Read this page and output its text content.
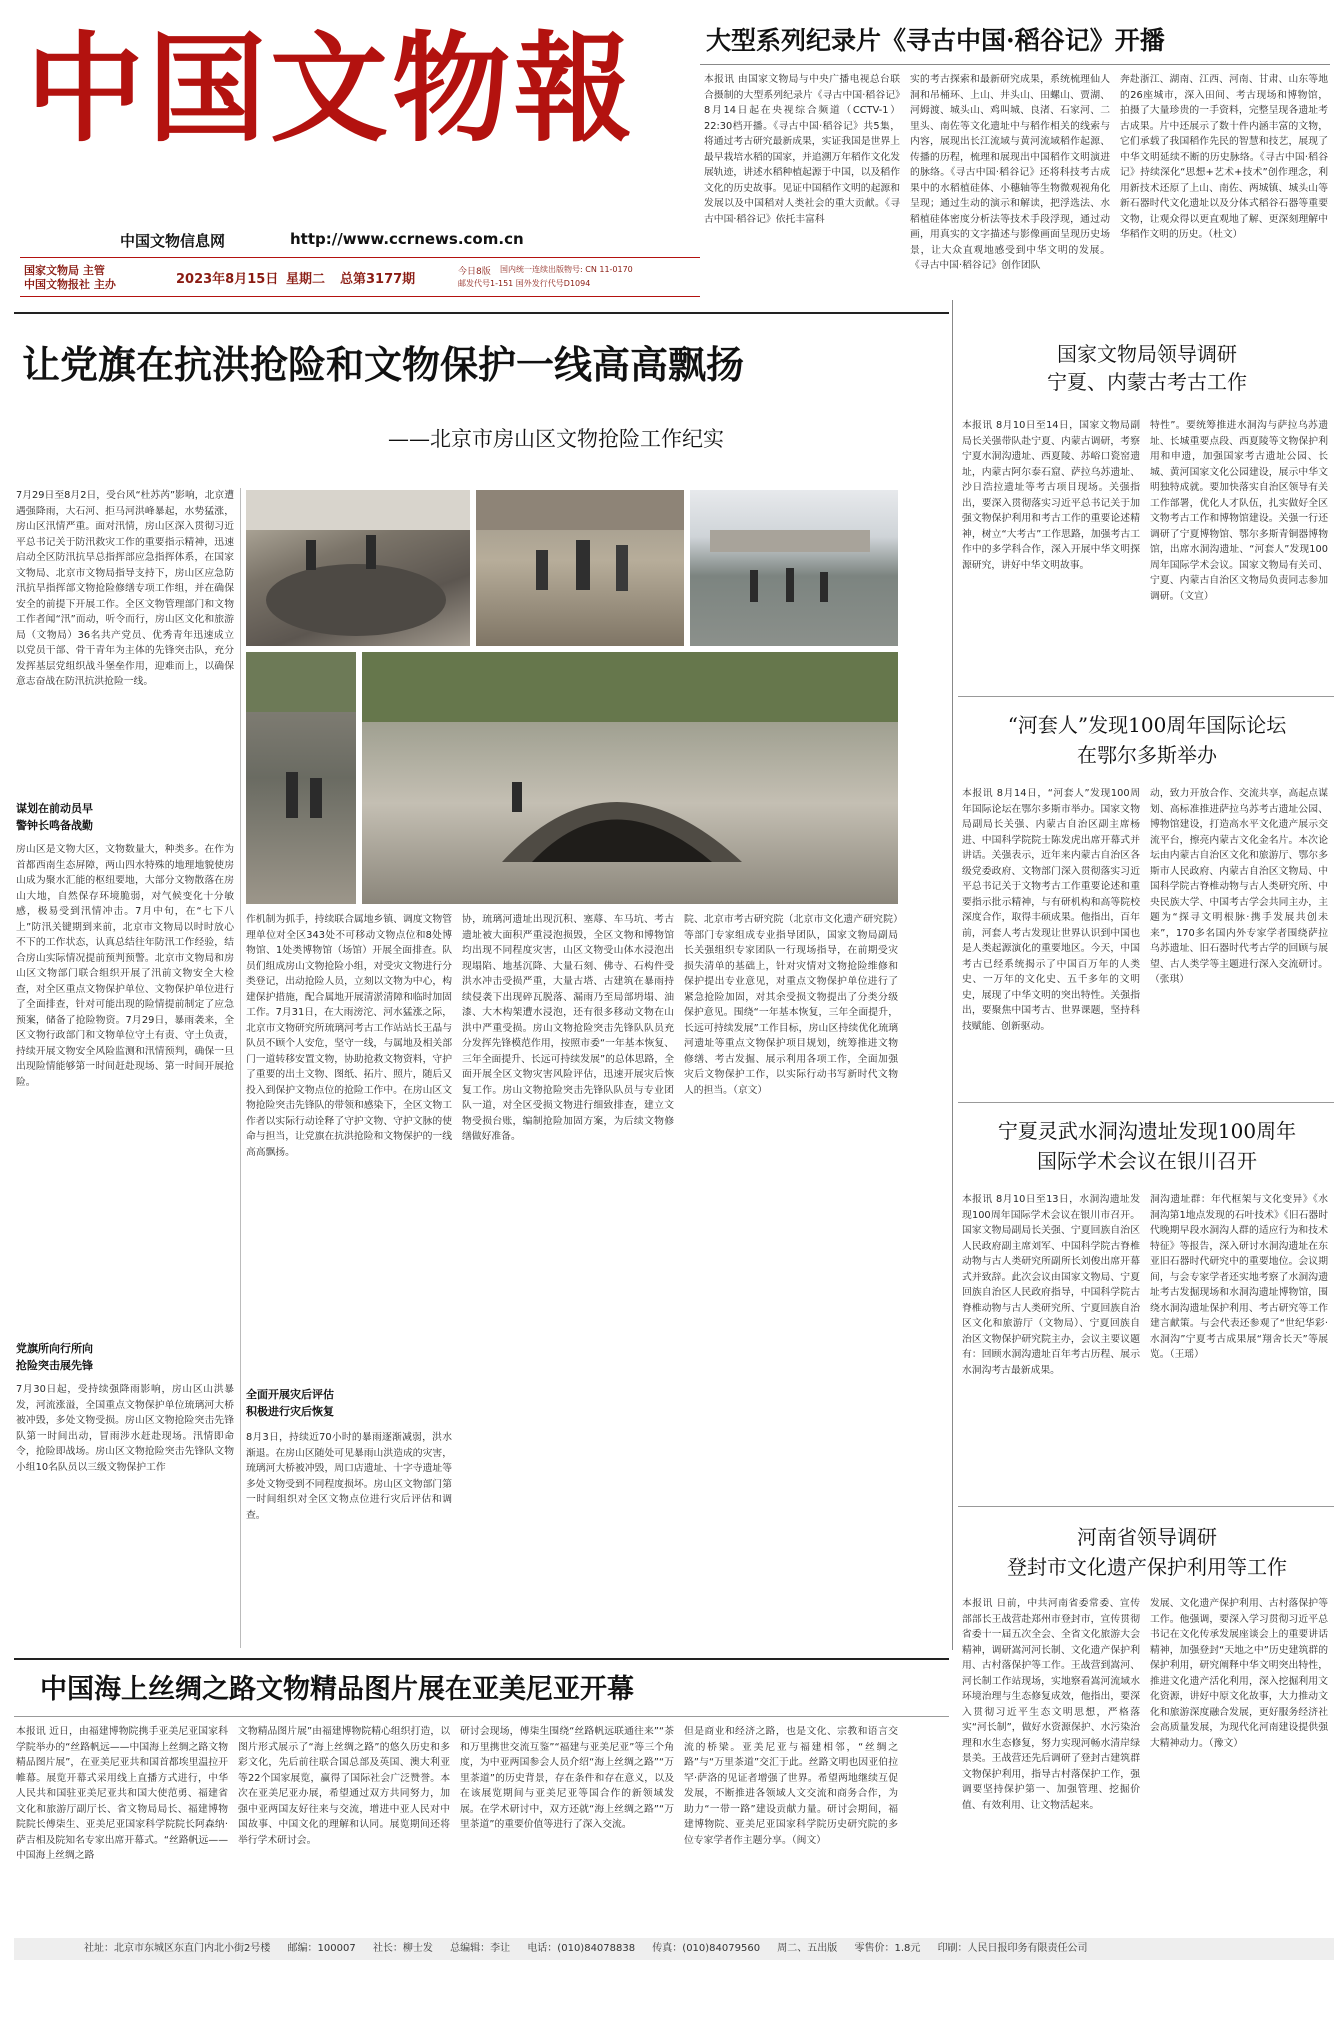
中国文物報
中国文物信息网	http://www.ccrnews.com.cn
国家文物局 主管
中国文物报社 主办	2023年8月15日 星期二 总第3177期	今日8版 国内统一连续出版物号: CN 11-0170
邮发代号1-151 国外发行代号D1094
大型系列纪录片《寻古中国·稻谷记》开播
本报讯 由国家文物局与中央广播电视总台联合摄制的大型系列纪录片《寻古中国·稻谷记》8月14日起在央视综合频道（CCTV-1）22:30档开播。《寻古中国·稻谷记》共5集，将通过考古研究最新成果，实证我国是世界上最早栽培水稻的国家，并追溯万年稻作文化发展轨迹，讲述水稻种植起源于中国，以及稻作文化的历史故事。见证中国稻作文明的起源和发展以及中国稻对人类社会的重大贡献。《寻古中国·稻谷记》依托丰富科
实的考古探索和最新研究成果，系统梳理仙人洞和吊桶环、上山、井头山、田螺山、贾湖、河姆渡、城头山、鸡叫城、良渚、石家河、二里头、南佐等文化遗址中与稻作相关的线索与内容，展现出长江流域与黄河流域稻作起源、传播的历程，梳理和展现出中国稻作文明演进的脉络。《寻古中国·稻谷记》还将科技考古成果中的水稻植硅体、小穗轴等生物微观视角化呈现；通过生动的演示和解读，把浮选法、水稻植硅体密度分析法等技术手段浮现，通过动画，用真实的文字描述与影像画面呈现历史场景，让大众直观地感受到中华文明的发展。《寻古中国·稻谷记》创作团队
奔赴浙江、湖南、江西、河南、甘肃、山东等地的26座城市，深入田间、考古现场和博物馆，拍摄了大量珍贵的一手资料，完整呈现各遗址考古成果。片中还展示了数十件内涵丰富的文物，它们承载了我国稻作先民的智慧和技艺，展现了中华文明延续不断的历史脉络。《寻古中国·稻谷记》持续深化“思想+艺术+技术”创作理念，利用新技术还原了上山、南佐、两城镇、城头山等新石器时代文化遗址以及分体式稻谷石器等重要文物，让观众得以更直观地了解、更深刻理解中华稻作文明的历史。（杜文）
让党旗在抗洪抢险和文物保护一线高高飘扬
——北京市房山区文物抢险工作纪实
7月29日至8月2日，受台风“杜苏芮”影响，北京遭遇强降雨，大石河、拒马河洪峰暴起，水势猛涨，房山区汛情严重。面对汛情，房山区深入贯彻习近平总书记关于防汛救灾工作的重要指示精神，迅速启动全区防汛抗旱总指挥部应急指挥体系，在国家文物局、北京市文物局指导支持下，房山区应急防汛抗旱指挥部文物抢险修缮专项工作组，并在确保安全的前提下开展工作。全区文物管理部门和文物工作者闻“汛”而动，听令而行，房山区文化和旅游局（文物局）36名共产党员、优秀青年迅速成立以党员干部、骨干青年为主体的先锋突击队，充分发挥基层党组织战斗堡垒作用，迎难而上，以确保意志奋战在防汛抗洪抢险一线。
谋划在前动员早
警钟长鸣备战勤
房山区是文物大区，文物数量大，种类多。在作为首都西南生态屏障，两山四水特殊的地理地貌使房山成为聚水汇能的枢纽要地，大部分文物散落在房山大地，自然保存环境脆弱，对气候变化十分敏感，极易受到汛情冲击。7月中旬，在“七下八上”防汛关键期到来前，北京市文物局以时时放心不下的工作状态，认真总结往年防汛工作经验，结合房山实际情况提前预判预警。北京市文物局和房山区文物部门联合组织开展了汛前文物安全大检查，对全区重点文物保护单位、文物保护单位进行了全面排查，针对可能出现的险情提前制定了应急预案，储备了抢险物资。7月29日，暴雨袭来，全区文物行政部门和文物单位守土有责、守土负责，持续开展文物安全风险监测和汛情预判，确保一旦出现险情能够第一时间赶赴现场、第一时间开展抢险。
党旗所向行所向
抢险突击展先锋
7月30日起，受持续强降雨影响，房山区山洪暴发，河流涨溢，全国重点文物保护单位琉璃河大桥被冲毁，多处文物受损。房山区文物抢险突击先锋队第一时间出动，冒雨涉水赶赴现场。汛情即命令，抢险即战场。房山区文物抢险突击先锋队文物小组10名队员以三级文物保护工作
作机制为抓手，持续联合属地乡镇、调度文物管理单位对全区343处不可移动文物点位和8处博物馆、1处类博物馆（场馆）开展全面排查。队员们组成房山文物抢险小组，对受灾文物进行分类登记，出动抢险人员，立刻以文物为中心，构建保护措施，配合属地开展清淤清障和临时加固工作。7月31日，在大雨滂沱、河水猛涨之际，北京市文物研究所琉璃河考古工作站站长王晶与队员不顾个人安危，坚守一线，与属地及相关部门一道转移安置文物，协助抢救文物资料，守护了重要的出土文物、图纸、拓片、照片，随后又投入到保护文物点位的抢险工作中。在房山区文物抢险突击先锋队的带领和感染下，全区文物工作者以实际行动诠释了守护文物、守护文脉的使命与担当，让党旗在抗洪抢险和文物保护的一线高高飘扬。
全面开展灾后评估
积极进行灾后恢复
8月3日，持续近70小时的暴雨逐渐减弱，洪水渐退。在房山区随处可见暴雨山洪造成的灾害，琉璃河大桥被冲毁，周口店遗址、十字寺遗址等多处文物受到不同程度损坏。房山区文物部门第一时间组织对全区文物点位进行灾后评估和调查。
协，琉璃河遗址出现沉积、塞蓐、车马坑、考古遗址被大面积严重浸泡损毁，全区文物和博物馆均出现不同程度灾害，山区文物受山体水浸泡出现塌陷、地基沉降、大量石刻、佛寺、石构件受洪水冲击受损严重，大量古塔、古建筑在暴雨持续侵袭下出现碎瓦脱落、漏雨乃至局部坍塌、油漆、大木构架遭水浸泡，还有很多移动文物在山洪中严重受损。房山文物抢险突击先锋队队员充分发挥先锋模范作用，按照市委“一年基本恢复、三年全面提升、长远可持续发展”的总体思路，全面开展全区文物灾害风险评估，迅速开展灾后恢复工作。房山文物抢险突击先锋队队员与专业团队一道，对全区受损文物进行细致排查，建立文物受损台账，编制抢险加固方案，为后续文物修缮做好准备。
院、北京市考古研究院（北京市文化遗产研究院）等部门专家组成专业指导团队，国家文物局副局长关强组织专家团队一行现场指导，在前期受灾损失清单的基础上，针对灾情对文物抢险维修和保护提出专业意见，对重点文物保护单位进行了紧急抢险加固，对其余受损文物提出了分类分级保护意见。围绕“一年基本恢复，三年全面提升，长远可持续发展”工作目标，房山区持续优化琉璃河遗址等重点文物保护项目规划，统筹推进文物修缮、考古发掘、展示利用各项工作，全面加强灾后文物保护工作，以实际行动书写新时代文物人的担当。（京文）
国家文物局领导调研
宁夏、内蒙古考古工作
本报讯 8月10日至14日，国家文物局副局长关强带队赴宁夏、内蒙古调研，考察宁夏水洞沟遗址、西夏陵、苏峪口瓷窑遗址，内蒙古阿尔泰石窟、萨拉乌苏遗址、沙日浩拉遗址等考古项目现场。关强指出，要深入贯彻落实习近平总书记关于加强文物保护利用和考古工作的重要论述精神，树立“大考古”工作思路，加强考古工作中的多学科合作，深入开展中华文明探源研究，讲好中华文明故事。
特性”。要统筹推进水洞沟与萨拉乌苏遗址、长城重要点段、西夏陵等文物保护利用和申遗，加强国家考古遗址公园、长城、黄河国家文化公园建设，展示中华文明独特成就。要加快落实自治区领导有关工作部署，优化人才队伍，扎实做好全区文物考古工作和博物馆建设。关强一行还调研了宁夏博物馆、鄂尔多斯青铜器博物馆，出席水洞沟遗址、“河套人”发现100周年国际学术会议。国家文物局有关司、宁夏、内蒙古自治区文物局负责同志参加调研。（文宣）
“河套人”发现100周年国际论坛
在鄂尔多斯举办
本报讯 8月14日，“河套人”发现100周年国际论坛在鄂尔多斯市举办。国家文物局副局长关强、内蒙古自治区副主席杨进、中国科学院院士陈发虎出席开幕式并讲话。关强表示，近年来内蒙古自治区各级党委政府、文物部门深入贯彻落实习近平总书记关于文物考古工作重要论述和重要指示批示精神，与有研机构和高等院校深度合作，取得丰硕成果。他指出，百年前，河套人考古发现让世界认识到中国也是人类起源演化的重要地区。今天，中国考古已经系统揭示了中国百万年的人类史、一万年的文化史、五千多年的文明史，展现了中华文明的突出特性。关强指出，要聚焦中国考古、世界课题，坚持科技赋能、创新驱动。
动，致力开放合作、交流共享，高起点谋划、高标准推进萨拉乌苏考古遗址公园、博物馆建设，打造高水平文化遗产展示交流平台，擦亮内蒙古文化金名片。本次论坛由内蒙古自治区文化和旅游厅、鄂尔多斯市人民政府、内蒙古自治区文物局、中国科学院古脊椎动物与古人类研究所、中央民族大学、中国考古学会共同主办，主题为“探寻文明根脉·携手发展共创未来”，170多名国内外专家学者围绕萨拉乌苏遗址、旧石器时代考古学的回顾与展望、古人类学等主题进行深入交流研讨。（张琪）
宁夏灵武水洞沟遗址发现100周年
国际学术会议在银川召开
本报讯 8月10日至13日，水洞沟遗址发现100周年国际学术会议在银川市召开。国家文物局副局长关强、宁夏回族自治区人民政府副主席刘军、中国科学院古脊椎动物与古人类研究所副所长刘俊出席开幕式并致辞。此次会议由国家文物局、宁夏回族自治区人民政府指导，中国科学院古脊椎动物与古人类研究所、宁夏回族自治区文化和旅游厅（文物局）、宁夏回族自治区文物保护研究院主办，会议主要议题有：回顾水洞沟遗址百年考古历程、展示水洞沟考古最新成果。
洞沟遗址群：年代框架与文化变异》《水洞沟第1地点发现的石叶技术》《旧石器时代晚期早段水洞沟人群的适应行为和技术特征》等报告，深入研讨水洞沟遗址在东亚旧石器时代研究中的重要地位。会议期间，与会专家学者还实地考察了水洞沟遗址考古发掘现场和水洞沟遗址博物馆，围绕水洞沟遗址保护利用、考古研究等工作建言献策。与会代表还参观了“世纪华彩·水洞沟”宁夏考古成果展“翔舍长天”等展览。（王瑶）
河南省领导调研
登封市文化遗产保护利用等工作
本报讯 日前，中共河南省委常委、宣传部部长王战营赴郑州市登封市，宣传贯彻省委十一届五次全会、全省文化旅游大会精神，调研嵩河河长制、文化遗产保护利用、古村落保护等工作。王战营到嵩河、河长制工作站现场，实地察看嵩河流域水环境治理与生态修复成效，他指出，要深入贯彻习近平生态文明思想，严格落实“河长制”，做好水资源保护、水污染治理和水生态修复，努力实现河畅水清岸绿景美。王战营还先后调研了登封古建筑群文物保护利用，指导古村落保护工作，强调要坚持保护第一、加强管理、挖掘价值、有效利用、让文物活起来。
发展、文化遗产保护利用、古村落保护等工作。他强调，要深入学习贯彻习近平总书记在文化传承发展座谈会上的重要讲话精神，加强登封“天地之中”历史建筑群的保护利用，研究阐释中华文明突出特性，推进文化遗产活化利用，深入挖掘利用文化资源，讲好中原文化故事，大力推动文化和旅游深度融合发展，更好服务经济社会高质量发展，为现代化河南建设提供强大精神动力。（豫文）
中国海上丝绸之路文物精品图片展在亚美尼亚开幕
本报讯 近日，由福建博物院携手亚美尼亚国家科学院举办的“丝路帆远——中国海上丝绸之路文物精品图片展”，在亚美尼亚共和国首都埃里温拉开帷幕。展览开幕式采用线上直播方式进行，中华人民共和国驻亚美尼亚共和国大使范勇、福建省文化和旅游厅副厅长、省文物局局长、福建博物院院长傅柒生、亚美尼亚国家科学院院长阿森纳·萨吉相及院知名专家出席开幕式。“丝路帆远——中国海上丝绸之路
文物精品图片展”由福建博物院精心组织打造，以图片形式展示了“海上丝绸之路”的悠久历史和多彩文化，先后前往联合国总部及英国、澳大利亚等22个国家展览，赢得了国际社会广泛赞誉。本次在亚美尼亚办展，希望通过双方共同努力，加强中亚两国友好往来与交流，增进中亚人民对中国故事、中国文化的理解和认同。展览期间还将举行学术研讨会。
研讨会现场，傅柒生围绕“丝路帆远联通往来”“茶和万里携世交流互鉴”“福建与亚美尼亚”等三个角度，为中亚两国参会人员介绍“海上丝绸之路”“万里茶道”的历史背景，存在条件和存在意义，以及在该展览期间与亚美尼亚等国合作的新领域发展。在学术研讨中，双方还就“海上丝绸之路”“万里茶道”的重要价值等进行了深入交流。
但是商业和经济之路，也是文化、宗教和语言交流的桥梁。亚美尼亚与福建相邻，“丝绸之路”与“万里茶道”交汇于此。丝路文明也因亚伯拉罕·萨洛的见证者增强了世界。希望两地继续互促发展，不断推进各领域人文交流和商务合作，为助力“一带一路”建设贡献力量。研讨会期间，福建博物院、亚美尼亚国家科学院历史研究院的多位专家学者作主题分享。（闽文）
社址：北京市东城区东直门内北小街2号楼 邮编：100007 社长：柳士发 总编辑：李让 电话：(010)84078838 传真：(010)84079560 周二、五出版 零售价：1.8元 印刷：人民日报印务有限责任公司
